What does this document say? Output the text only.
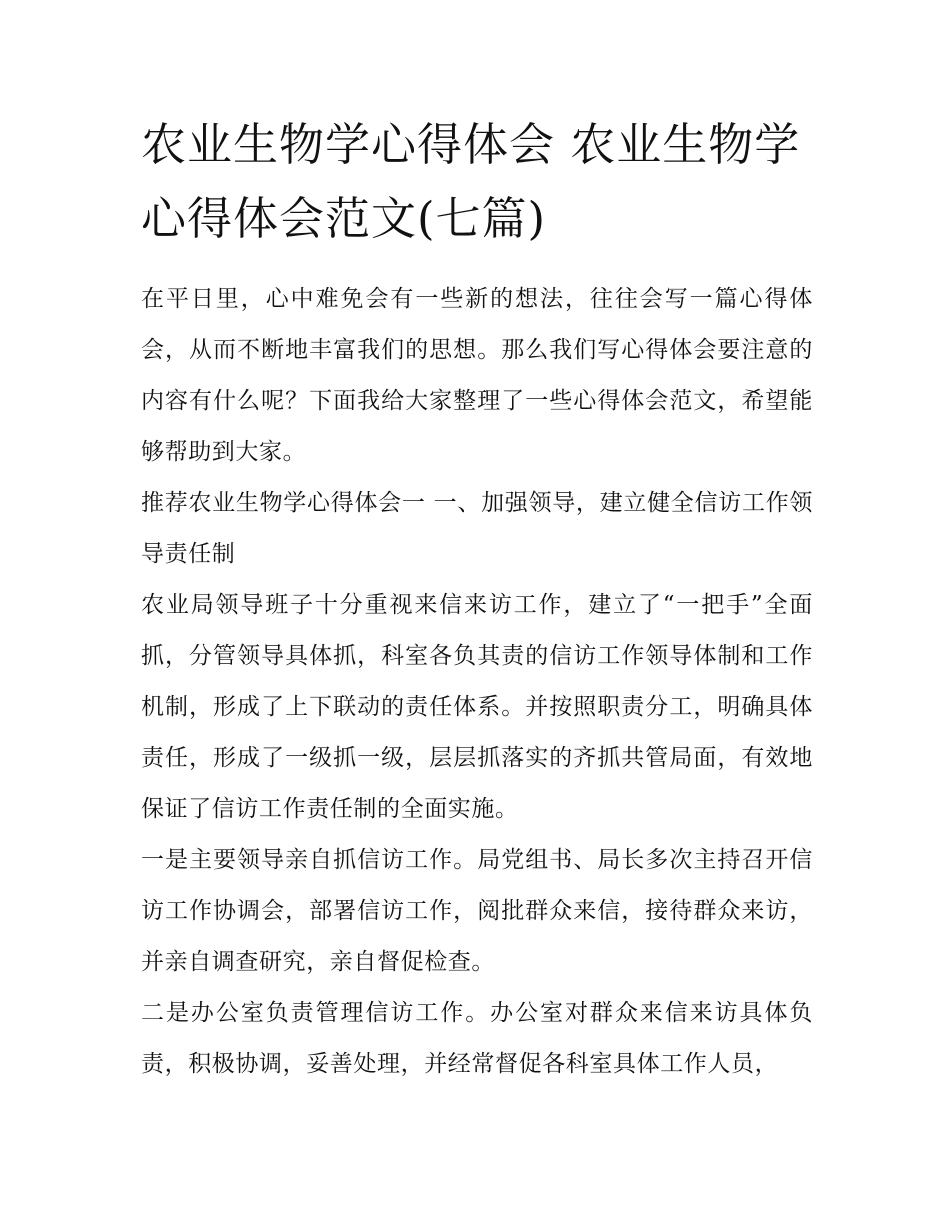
农业生物学心得体会 农业生物学心得体会范文(七篇)

在平日里，心中难免会有一些新的想法，往往会写一篇心得体会，从而不断地丰富我们的思想。那么我们写心得体会要注意的内容有什么呢？下面我给大家整理了一些心得体会范文，希望能够帮助到大家。

推荐农业生物学心得体会一 一、加强领导，建立健全信访工作领导责任制

农业局领导班子十分重视来信来访工作，建立了“一把手”全面抓，分管领导具体抓，科室各负其责的信访工作领导体制和工作机制，形成了上下联动的责任体系。并按照职责分工，明确具体责任，形成了一级抓一级，层层抓落实的齐抓共管局面，有效地保证了信访工作责任制的全面实施。

一是主要领导亲自抓信访工作。局党组书、局长多次主持召开信访工作协调会，部署信访工作，阅批群众来信，接待群众来访，并亲自调查研究，亲自督促检查。

二是办公室负责管理信访工作。办公室对群众来信来访具体负责，积极协调，妥善处理，并经常督促各科室具体工作人员，
